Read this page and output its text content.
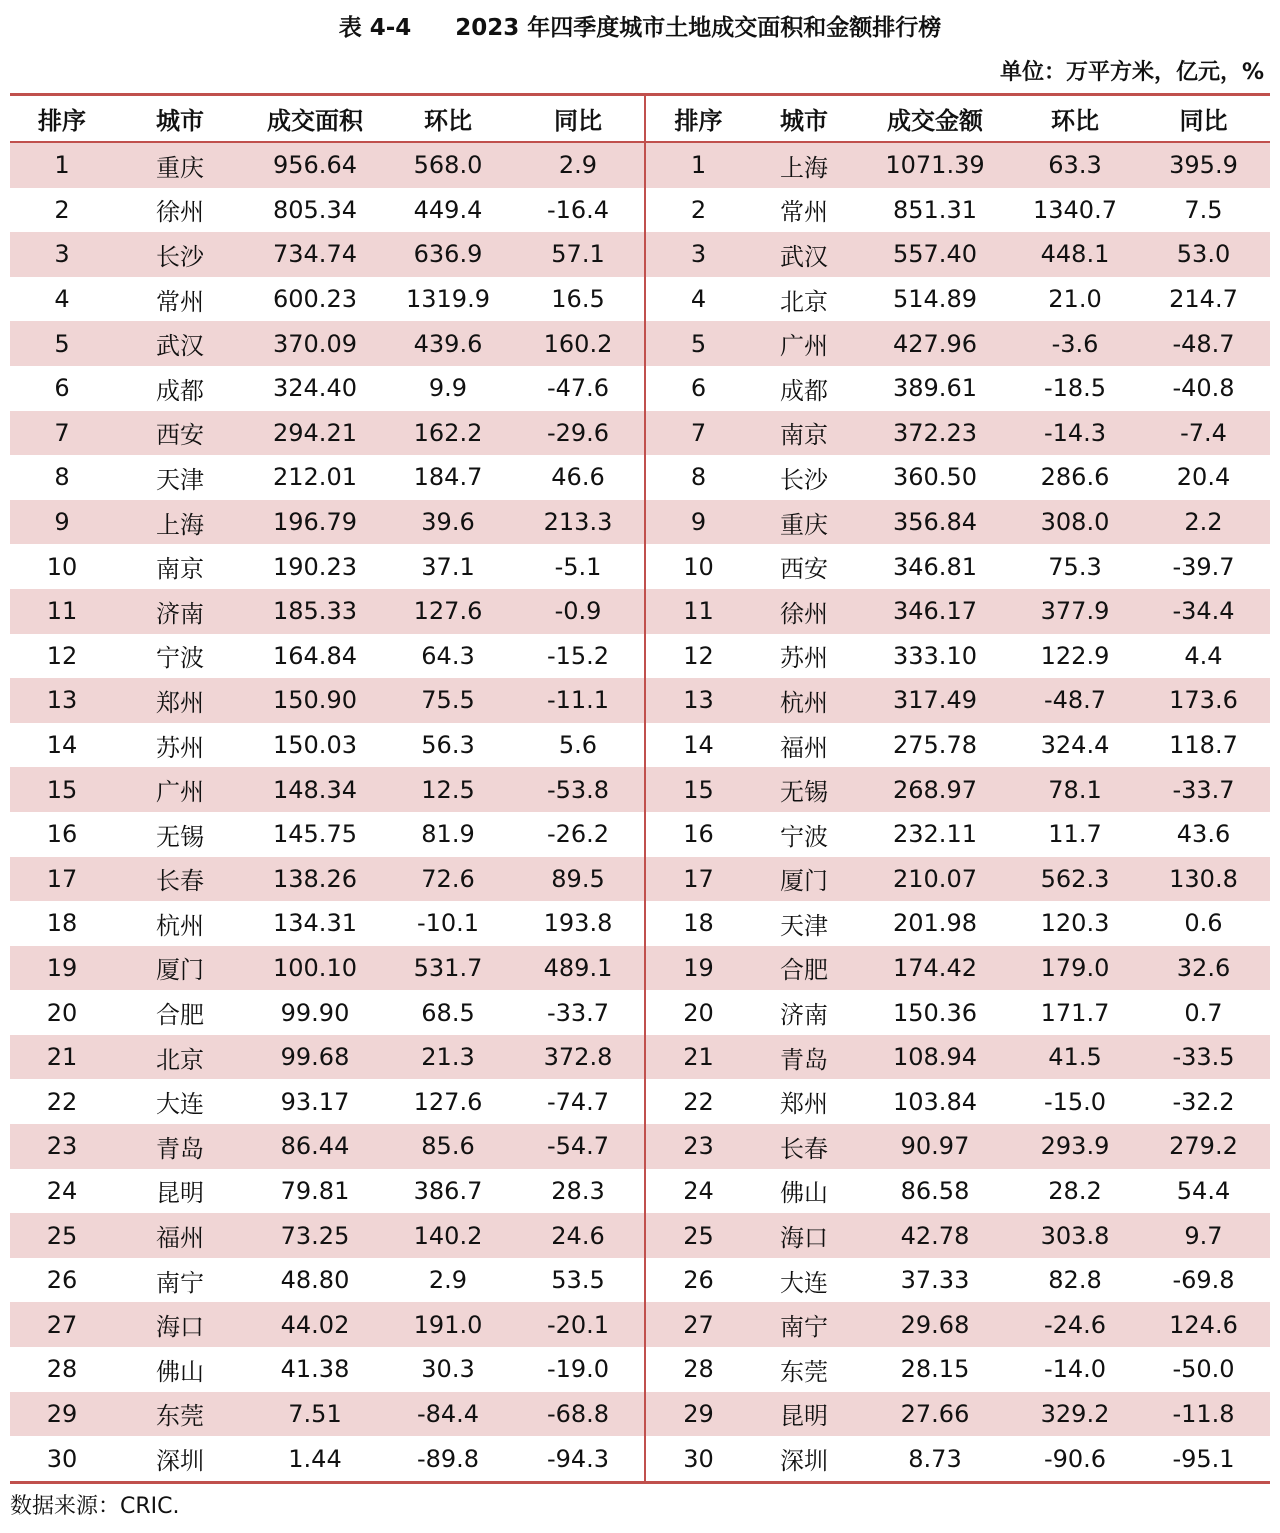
表 4-4 2023 年四季度城市土地成交面积和金额排行榜
单位：万平方米，亿元，%
排序	城市	成交面积	环比	同比	排序	城市	成交金额	环比	同比
1	重庆	956.64	568.0	2.9	1	上海	1071.39	63.3	395.9
2	徐州	805.34	449.4	-16.4	2	常州	851.31	1340.7	7.5
3	长沙	734.74	636.9	57.1	3	武汉	557.40	448.1	53.0
4	常州	600.23	1319.9	16.5	4	北京	514.89	21.0	214.7
5	武汉	370.09	439.6	160.2	5	广州	427.96	-3.6	-48.7
6	成都	324.40	9.9	-47.6	6	成都	389.61	-18.5	-40.8
7	西安	294.21	162.2	-29.6	7	南京	372.23	-14.3	-7.4
8	天津	212.01	184.7	46.6	8	长沙	360.50	286.6	20.4
9	上海	196.79	39.6	213.3	9	重庆	356.84	308.0	2.2
10	南京	190.23	37.1	-5.1	10	西安	346.81	75.3	-39.7
11	济南	185.33	127.6	-0.9	11	徐州	346.17	377.9	-34.4
12	宁波	164.84	64.3	-15.2	12	苏州	333.10	122.9	4.4
13	郑州	150.90	75.5	-11.1	13	杭州	317.49	-48.7	173.6
14	苏州	150.03	56.3	5.6	14	福州	275.78	324.4	118.7
15	广州	148.34	12.5	-53.8	15	无锡	268.97	78.1	-33.7
16	无锡	145.75	81.9	-26.2	16	宁波	232.11	11.7	43.6
17	长春	138.26	72.6	89.5	17	厦门	210.07	562.3	130.8
18	杭州	134.31	-10.1	193.8	18	天津	201.98	120.3	0.6
19	厦门	100.10	531.7	489.1	19	合肥	174.42	179.0	32.6
20	合肥	99.90	68.5	-33.7	20	济南	150.36	171.7	0.7
21	北京	99.68	21.3	372.8	21	青岛	108.94	41.5	-33.5
22	大连	93.17	127.6	-74.7	22	郑州	103.84	-15.0	-32.2
23	青岛	86.44	85.6	-54.7	23	长春	90.97	293.9	279.2
24	昆明	79.81	386.7	28.3	24	佛山	86.58	28.2	54.4
25	福州	73.25	140.2	24.6	25	海口	42.78	303.8	9.7
26	南宁	48.80	2.9	53.5	26	大连	37.33	82.8	-69.8
27	海口	44.02	191.0	-20.1	27	南宁	29.68	-24.6	124.6
28	佛山	41.38	30.3	-19.0	28	东莞	28.15	-14.0	-50.0
29	东莞	7.51	-84.4	-68.8	29	昆明	27.66	329.2	-11.8
30	深圳	1.44	-89.8	-94.3	30	深圳	8.73	-90.6	-95.1
数据来源：CRIC.
